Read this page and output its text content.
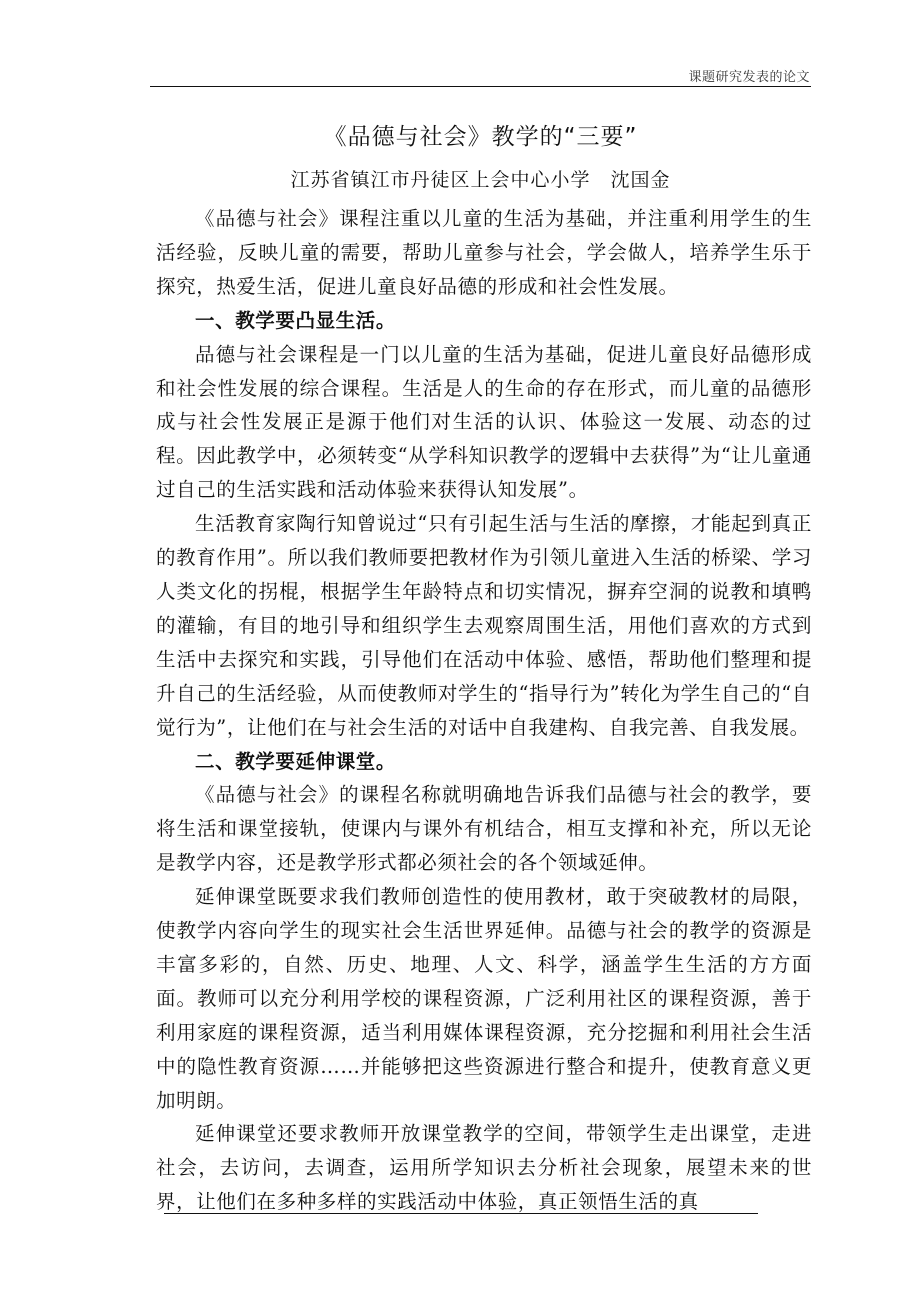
课题研究发表的论文
《品德与社会》教学的“三要”
江苏省镇江市丹徒区上会中心小学　沈国金

《品德与社会》课程注重以儿童的生活为基础，并注重利用学生的生活经验，反映儿童的需要，帮助儿童参与社会，学会做人，培养学生乐于探究，热爱生活，促进儿童良好品德的形成和社会性发展。

一、教学要凸显生活。

品德与社会课程是一门以儿童的生活为基础，促进儿童良好品德形成和社会性发展的综合课程。生活是人的生命的存在形式，而儿童的品德形成与社会性发展正是源于他们对生活的认识、体验这一发展、动态的过程。因此教学中，必须转变“从学科知识教学的逻辑中去获得”为“让儿童通过自己的生活实践和活动体验来获得认知发展”。

生活教育家陶行知曾说过“只有引起生活与生活的摩擦，才能起到真正的教育作用”。所以我们教师要把教材作为引领儿童进入生活的桥梁、学习人类文化的拐棍，根据学生年龄特点和切实情况，摒弃空洞的说教和填鸭的灌输，有目的地引导和组织学生去观察周围生活，用他们喜欢的方式到生活中去探究和实践，引导他们在活动中体验、感悟，帮助他们整理和提升自己的生活经验，从而使教师对学生的“指导行为”转化为学生自己的“自觉行为”，让他们在与社会生活的对话中自我建构、自我完善、自我发展。

二、教学要延伸课堂。

《品德与社会》的课程名称就明确地告诉我们品德与社会的教学，要将生活和课堂接轨，使课内与课外有机结合，相互支撑和补充，所以无论是教学内容，还是教学形式都必须社会的各个领域延伸。

延伸课堂既要求我们教师创造性的使用教材，敢于突破教材的局限，使教学内容向学生的现实社会生活世界延伸。品德与社会的教学的资源是丰富多彩的，自然、历史、地理、人文、科学，涵盖学生生活的方方面面。教师可以充分利用学校的课程资源，广泛利用社区的课程资源，善于利用家庭的课程资源，适当利用媒体课程资源，充分挖掘和利用社会生活中的隐性教育资源……并能够把这些资源进行整合和提升，使教育意义更加明朗。

延伸课堂还要求教师开放课堂教学的空间，带领学生走出课堂，走进社会，去访问，去调查，运用所学知识去分析社会现象，展望未来的世界，让他们在多种多样的实践活动中体验，真正领悟生活的真
